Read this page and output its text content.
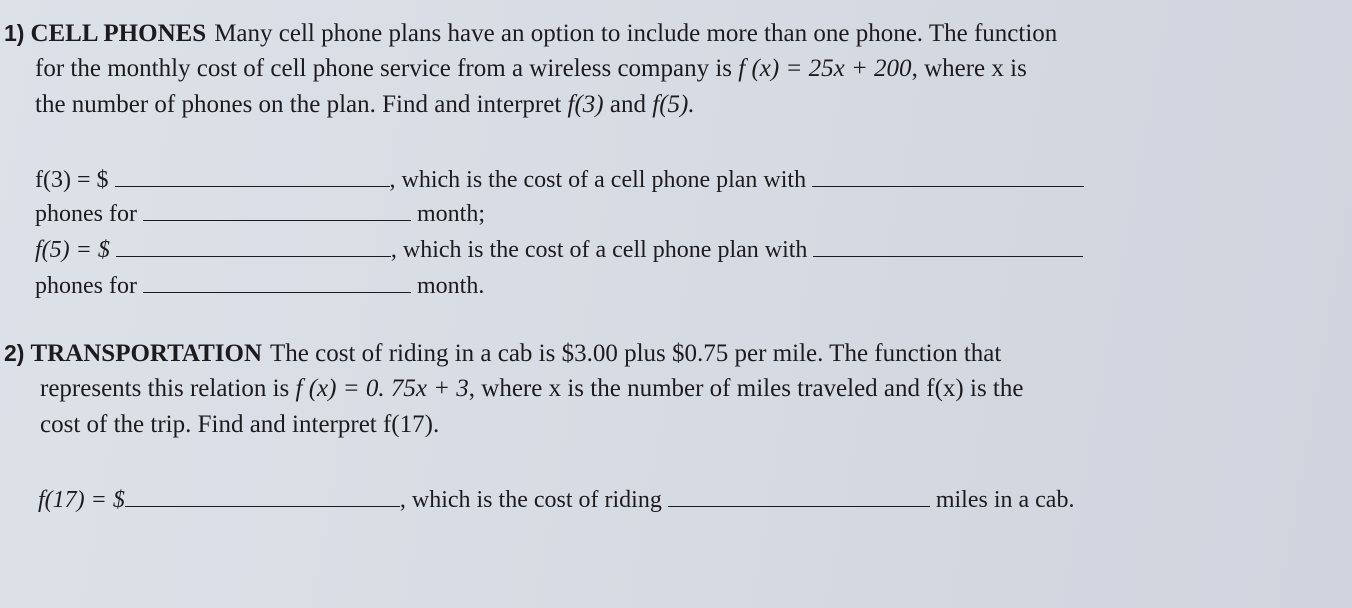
1) CELL PHONES Many cell phone plans have an option to include more than one phone. The function
for the monthly cost of cell phone service from a wireless company is f (x) = 25x + 200, where x is
the number of phones on the plan. Find and interpret f(3) and f(5).
f(3) = $	, which is the cost of a cell phone plan with
phones for	month;
f(5) = $	, which is the cost of a cell phone plan with
phones for	month.
2) TRANSPORTATION The cost of riding in a cab is $3.00 plus $0.75 per mile. The function that
represents this relation is f (x) = 0. 75x + 3, where x is the number of miles traveled and f(x) is the
cost of the trip. Find and interpret f(17).
f(17) = $	, which is the cost of riding	miles in a cab.
